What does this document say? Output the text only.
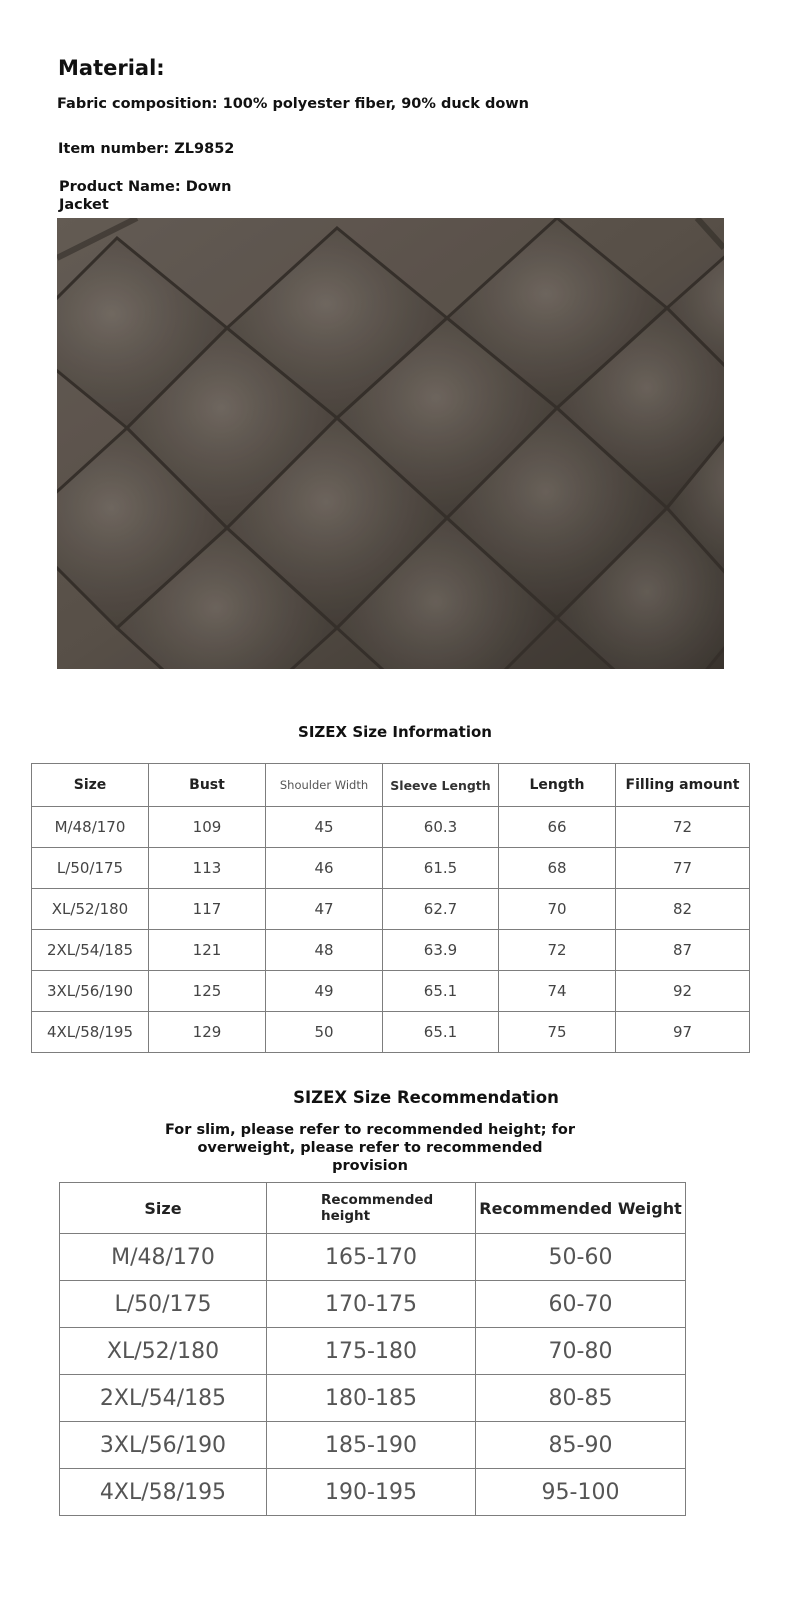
Material:
Fabric composition: 100% polyester fiber, 90% duck down
Item number: ZL9852
Product Name: Down Jacket
SIZEX Size Information
Size	Bust	Shoulder Width	Sleeve Length	Length	Filling amount
M/48/170	109	45	60.3	66	72
L/50/175	113	46	61.5	68	77
XL/52/180	117	47	62.7	70	82
2XL/54/185	121	48	63.9	72	87
3XL/56/190	125	49	65.1	74	92
4XL/58/195	129	50	65.1	75	97
SIZEX Size Recommendation
For slim, please refer to recommended height; for overweight, please refer to recommended provision
Size	Recommended height	Recommended Weight
M/48/170	165-170	50-60
L/50/175	170-175	60-70
XL/52/180	175-180	70-80
2XL/54/185	180-185	80-85
3XL/56/190	185-190	85-90
4XL/58/195	190-195	95-100
